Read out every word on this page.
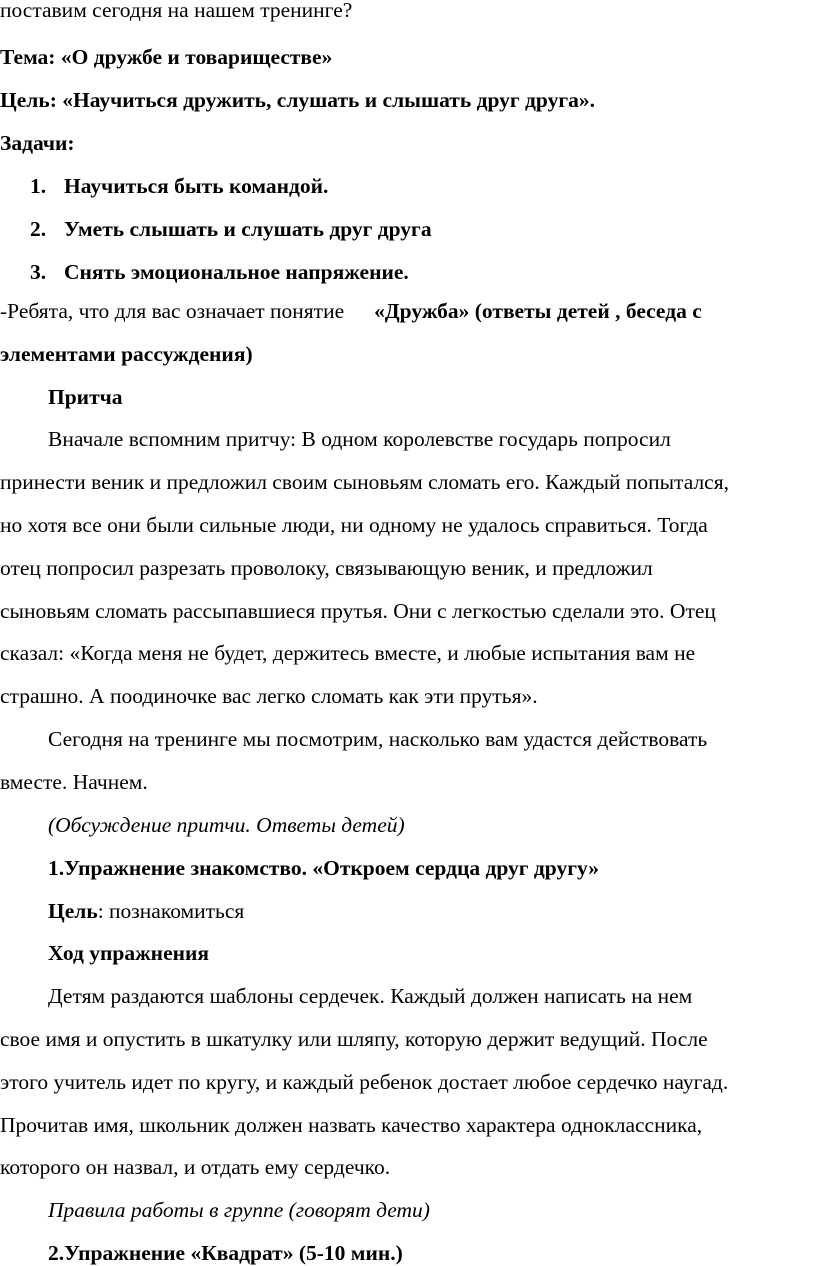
поставим сегодня на нашем тренинге?
Тема: «О дружбе и товариществе»
Цель: «Научиться дружить, слушать и слышать друг друга».
Задачи:
1. Научиться быть командой.
2. Уметь слышать и слушать друг друга
3. Снять эмоциональное напряжение.
-Ребята, что для вас означает понятие «Дружба» (ответы детей , беседа с
элементами рассуждения)
Притча
Вначале вспомним притчу: В одном королевстве государь попросил
принести веник и предложил своим сыновьям сломать его. Каждый попытался,
но хотя все они были сильные люди, ни одному не удалось справиться. Тогда
отец попросил разрезать проволоку, связывающую веник, и предложил
сыновьям сломать рассыпавшиеся прутья. Они с легкостью сделали это. Отец
сказал: «Когда меня не будет, держитесь вместе, и любые испытания вам не
страшно. А поодиночке вас легко сломать как эти прутья».
Сегодня на тренинге мы посмотрим, насколько вам удастся действовать
вместе. Начнем.
(Обсуждение притчи. Ответы детей)
1.Упражнение знакомство. «Откроем сердца друг другу»
Цель: познакомиться
Ход упражнения
Детям раздаются шаблоны сердечек. Каждый должен написать на нем
свое имя и опустить в шкатулку или шляпу, которую держит ведущий. После
этого учитель идет по кругу, и каждый ребенок достает любое сердечко наугад.
Прочитав имя, школьник должен назвать качество характера одноклассника,
которого он назвал, и отдать ему сердечко.
Правила работы в группе (говорят дети)
2.Упражнение «Квадрат» (5-10 мин.)
